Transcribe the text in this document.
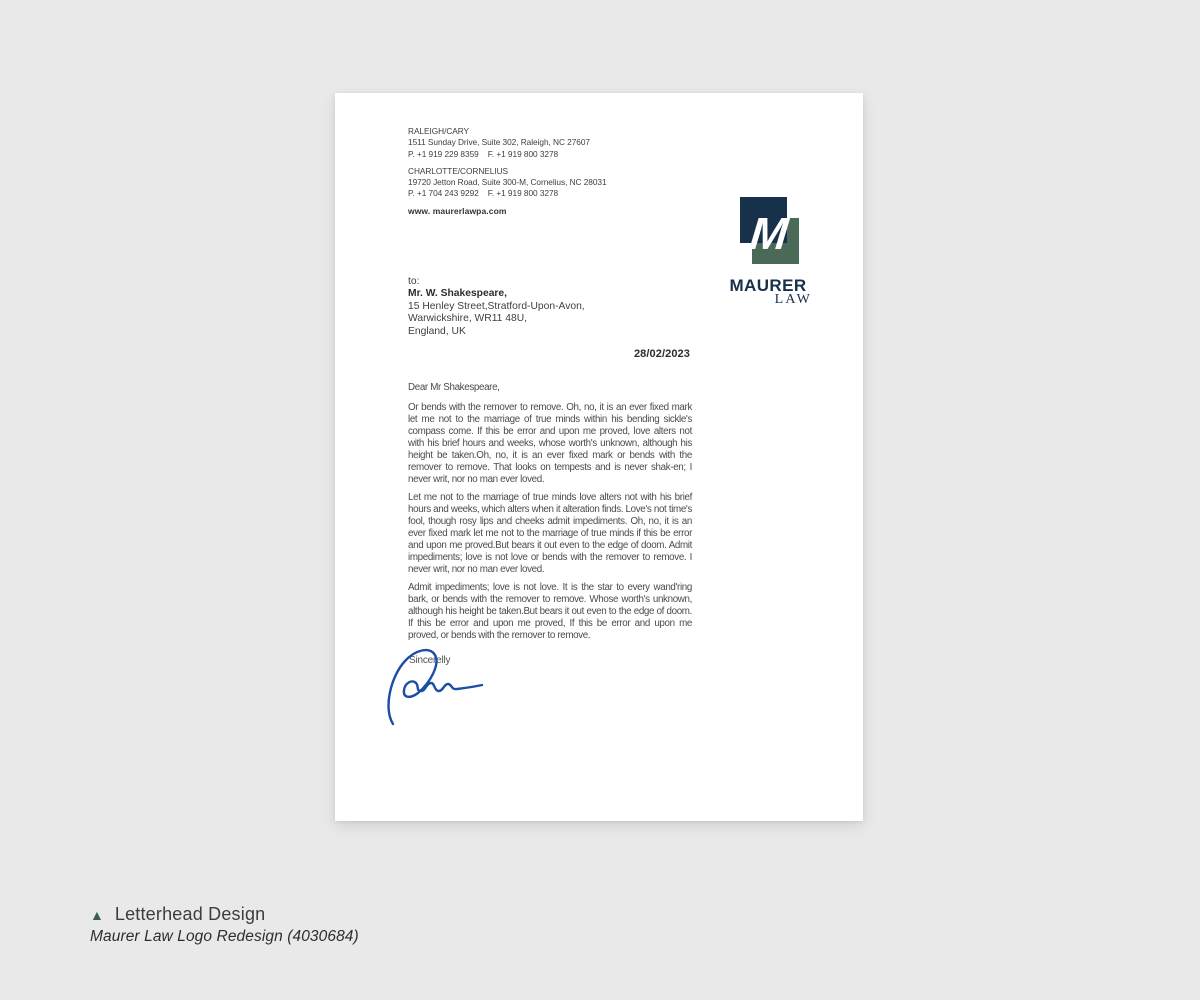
RALEIGH/CARY
1511 Sunday Drive, Suite 302, Raleigh, NC 27607
P. +1 919 229 8359    F. +1 919 800 3278
CHARLOTTE/CORNELIUS
19720 Jetton Road, Suite 300-M, Cornelius, NC 28031
P. +1 704 243 9292    F. +1 919 800 3278
www. maurerlawpa.com	M
MAURER
LAW
to:
Mr. W. Shakespeare,
15 Henley Street,Stratford-Upon-Avon,
Warwickshire, WR11 48U,
England, UK
28/02/2023
Dear Mr Shakespeare,

Or bends with the remover to remove. Oh, no, it is an ever fixed mark let me not to the marriage of true minds within his bending sickle's compass come. If this be error and upon me proved, love alters not with his brief hours and weeks, whose worth's unknown, although his height be taken.Oh, no, it is an ever fixed mark or bends with the remover to remove. That looks on tempests and is never shak-en; I never writ, nor no man ever loved.

Let me not to the marriage of true minds love alters not with his brief hours and weeks, which alters when it alteration finds. Love's not time's fool, though rosy lips and cheeks admit impediments. Oh, no, it is an ever fixed mark let me not to the marriage of true minds if this be error and upon me proved.But bears it out even to the edge of doom. Admit impediments; love is not love or bends with the remover to remove. I never writ, nor no man ever loved.

Admit impediments; love is not love. It is the star to every wand'ring bark, or bends with the remover to remove. Whose worth's unknown, although his height be taken.But bears it out even to the edge of doom. If this be error and upon me proved, If this be error and upon me proved, or bends with the remover to remove.

Sincerelly
▲ Letterhead Design
Maurer Law Logo Redesign (4030684)
